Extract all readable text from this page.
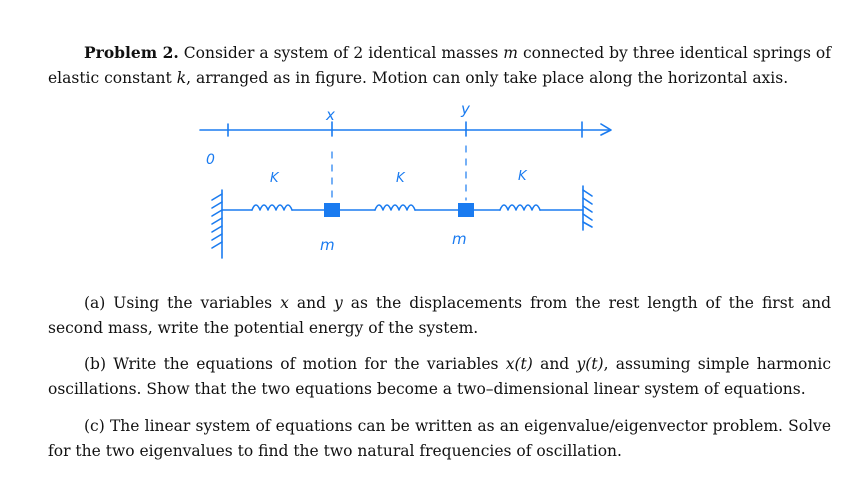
Problem 2. Consider a system of 2 identical masses m connected by three identical springs of elastic constant k, arranged as in figure. Motion can only take place along the horizontal axis.

x	y
0
K	K	K
m	m

(a) Using the variables x and y as the displacements from the rest length of the first and second mass, write the potential energy of the system.

(b) Write the equations of motion for the variables x(t) and y(t), assuming simple harmonic oscillations. Show that the two equations become a two–dimensional linear system of equations.

(c) The linear system of equations can be written as an eigenvalue/eigenvector problem. Solve for the two eigenvalues to find the two natural frequencies of oscillation.
